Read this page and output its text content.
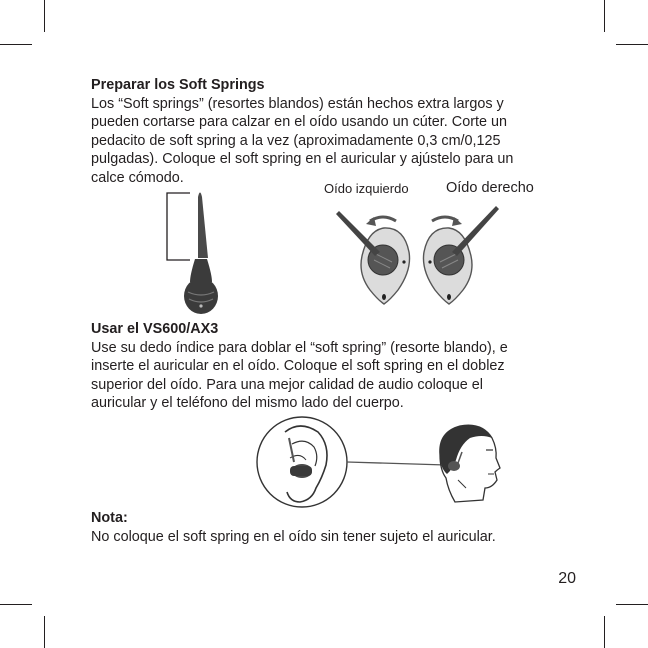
Preparar los Soft Springs
Los “Soft springs” (resortes blandos) están hechos extra largos y
pueden cortarse para calzar en el oído usando un cúter. Corte un
pedacito de soft spring a la vez (aproximadamente 0,3 cm/0,125
pulgadas). Coloque el soft spring en el auricular y ajústelo para un
calce cómodo.
Oído izquierdo	Oído derecho
Usar el VS600/AX3
Use su dedo índice para doblar el “soft spring” (resorte blando), e
inserte el auricular en el oído. Coloque el soft spring en el doblez
superior del oído. Para una mejor calidad de audio coloque el
auricular y el teléfono del mismo lado del cuerpo.
Nota:
No coloque el soft spring en el oído sin tener sujeto el auricular.
20
